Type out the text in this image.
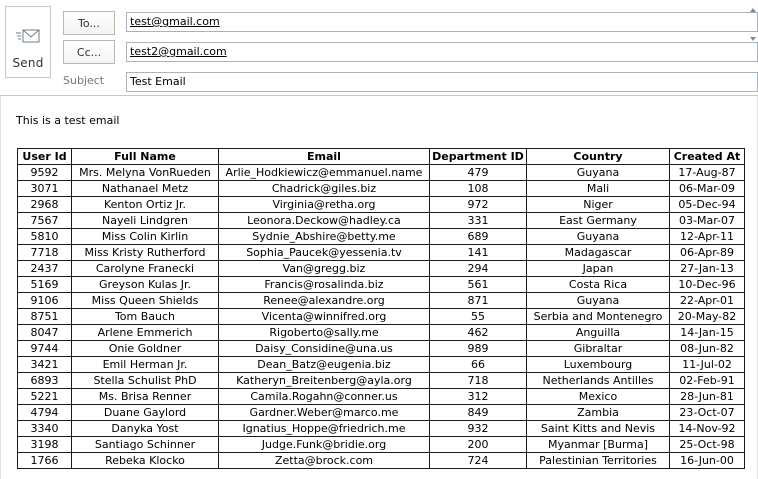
Send
To...
Cc...
Subject
test@gmail.com
test2@gmail.com
Test Email
This is a test email
User Id	Full Name	Email	Department ID	Country	Created At
9592	Mrs. Melyna VonRueden	Arlie_Hodkiewicz@emmanuel.name	479	Guyana	17-Aug-87
3071	Nathanael Metz	Chadrick@giles.biz	108	Mali	06-Mar-09
2968	Kenton Ortiz Jr.	Virginia@retha.org	972	Niger	05-Dec-94
7567	Nayeli Lindgren	Leonora.Deckow@hadley.ca	331	East Germany	03-Mar-07
5810	Miss Colin Kirlin	Sydnie_Abshire@betty.me	689	Guyana	12-Apr-11
7718	Miss Kristy Rutherford	Sophia_Paucek@yessenia.tv	141	Madagascar	06-Apr-89
2437	Carolyne Franecki	Van@gregg.biz	294	Japan	27-Jan-13
5169	Greyson Kulas Jr.	Francis@rosalinda.biz	561	Costa Rica	10-Dec-96
9106	Miss Queen Shields	Renee@alexandre.org	871	Guyana	22-Apr-01
8751	Tom Bauch	Vicenta@winnifred.org	55	Serbia and Montenegro	20-May-82
8047	Arlene Emmerich	Rigoberto@sally.me	462	Anguilla	14-Jan-15
9744	Onie Goldner	Daisy_Considine@una.us	989	Gibraltar	08-Jun-82
3421	Emil Herman Jr.	Dean_Batz@eugenia.biz	66	Luxembourg	11-Jul-02
6893	Stella Schulist PhD	Katheryn_Breitenberg@ayla.org	718	Netherlands Antilles	02-Feb-91
5221	Ms. Brisa Renner	Camila.Rogahn@conner.us	312	Mexico	28-Jun-81
4794	Duane Gaylord	Gardner.Weber@marco.me	849	Zambia	23-Oct-07
3340	Danyka Yost	Ignatius_Hoppe@friedrich.me	932	Saint Kitts and Nevis	14-Nov-92
3198	Santiago Schinner	Judge.Funk@bridie.org	200	Myanmar [Burma]	25-Oct-98
1766	Rebeka Klocko	Zetta@brock.com	724	Palestinian Territories	16-Jun-00
